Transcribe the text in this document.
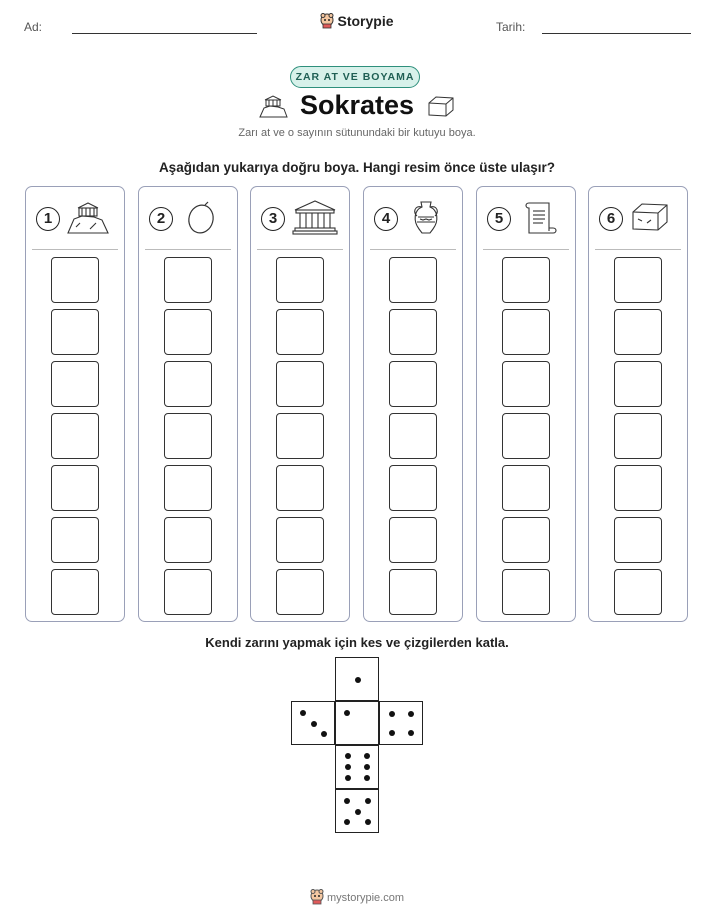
Ad:	Storypie	Tarih:
ZAR AT VE BOYAMA
Sokrates
Zarı at ve o sayının sütunundaki bir kutuyu boya.
Aşağıdan yukarıya doğru boya. Hangi resim önce üste ulaşır?
1	2	3	4	5	6
Kendi zarını yapmak için kes ve çizgilerden katla.
mystorypie.com
